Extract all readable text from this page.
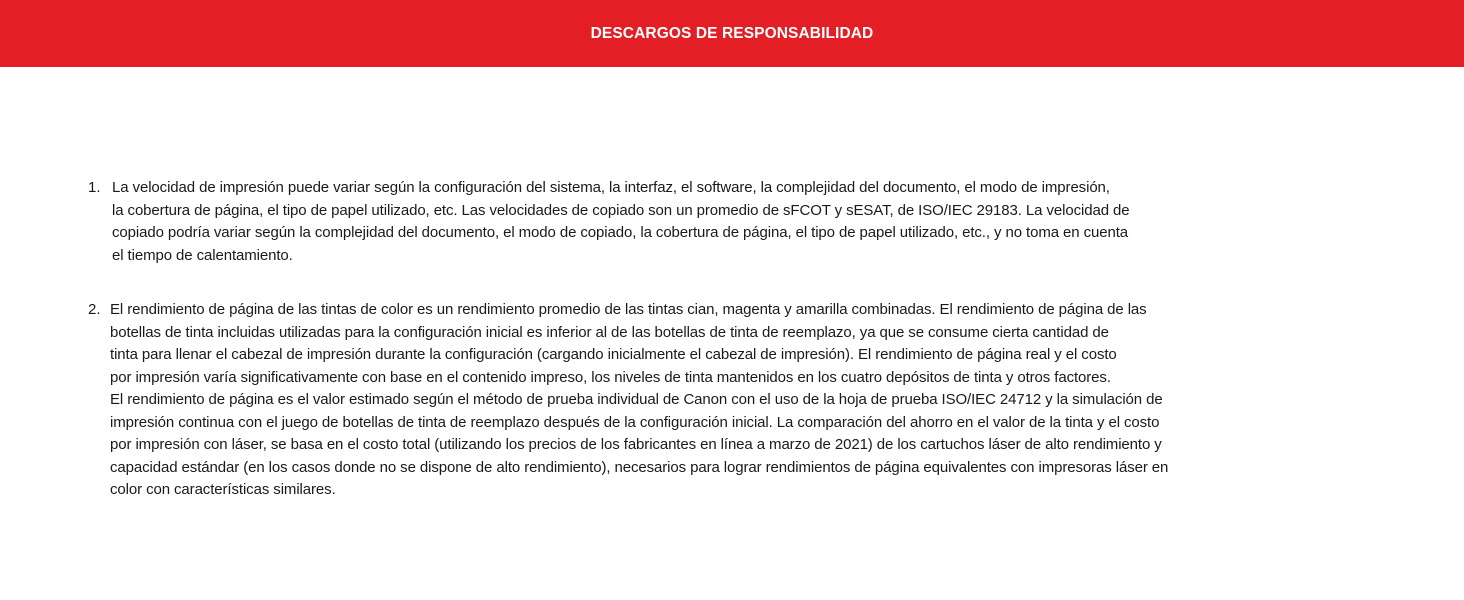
DESCARGOS DE RESPONSABILIDAD
1. La velocidad de impresión puede variar según la configuración del sistema, la interfaz, el software, la complejidad del documento, el modo de impresión,
la cobertura de página, el tipo de papel utilizado, etc. Las velocidades de copiado son un promedio de sFCOT y sESAT, de ISO/IEC 29183. La velocidad de
copiado podría variar según la complejidad del documento, el modo de copiado, la cobertura de página, el tipo de papel utilizado, etc., y no toma en cuenta
el tiempo de calentamiento.
2. El rendimiento de página de las tintas de color es un rendimiento promedio de las tintas cian, magenta y amarilla combinadas. El rendimiento de página de las
botellas de tinta incluidas utilizadas para la configuración inicial es inferior al de las botellas de tinta de reemplazo, ya que se consume cierta cantidad de
tinta para llenar el cabezal de impresión durante la configuración (cargando inicialmente el cabezal de impresión). El rendimiento de página real y el costo
por impresión varía significativamente con base en el contenido impreso, los niveles de tinta mantenidos en los cuatro depósitos de tinta y otros factores.
El rendimiento de página es el valor estimado según el método de prueba individual de Canon con el uso de la hoja de prueba ISO/IEC 24712 y la simulación de
impresión continua con el juego de botellas de tinta de reemplazo después de la configuración inicial. La comparación del ahorro en el valor de la tinta y el costo
por impresión con láser, se basa en el costo total (utilizando los precios de los fabricantes en línea a marzo de 2021) de los cartuchos láser de alto rendimiento y
capacidad estándar (en los casos donde no se dispone de alto rendimiento), necesarios para lograr rendimientos de página equivalentes con impresoras láser en
color con características similares.
